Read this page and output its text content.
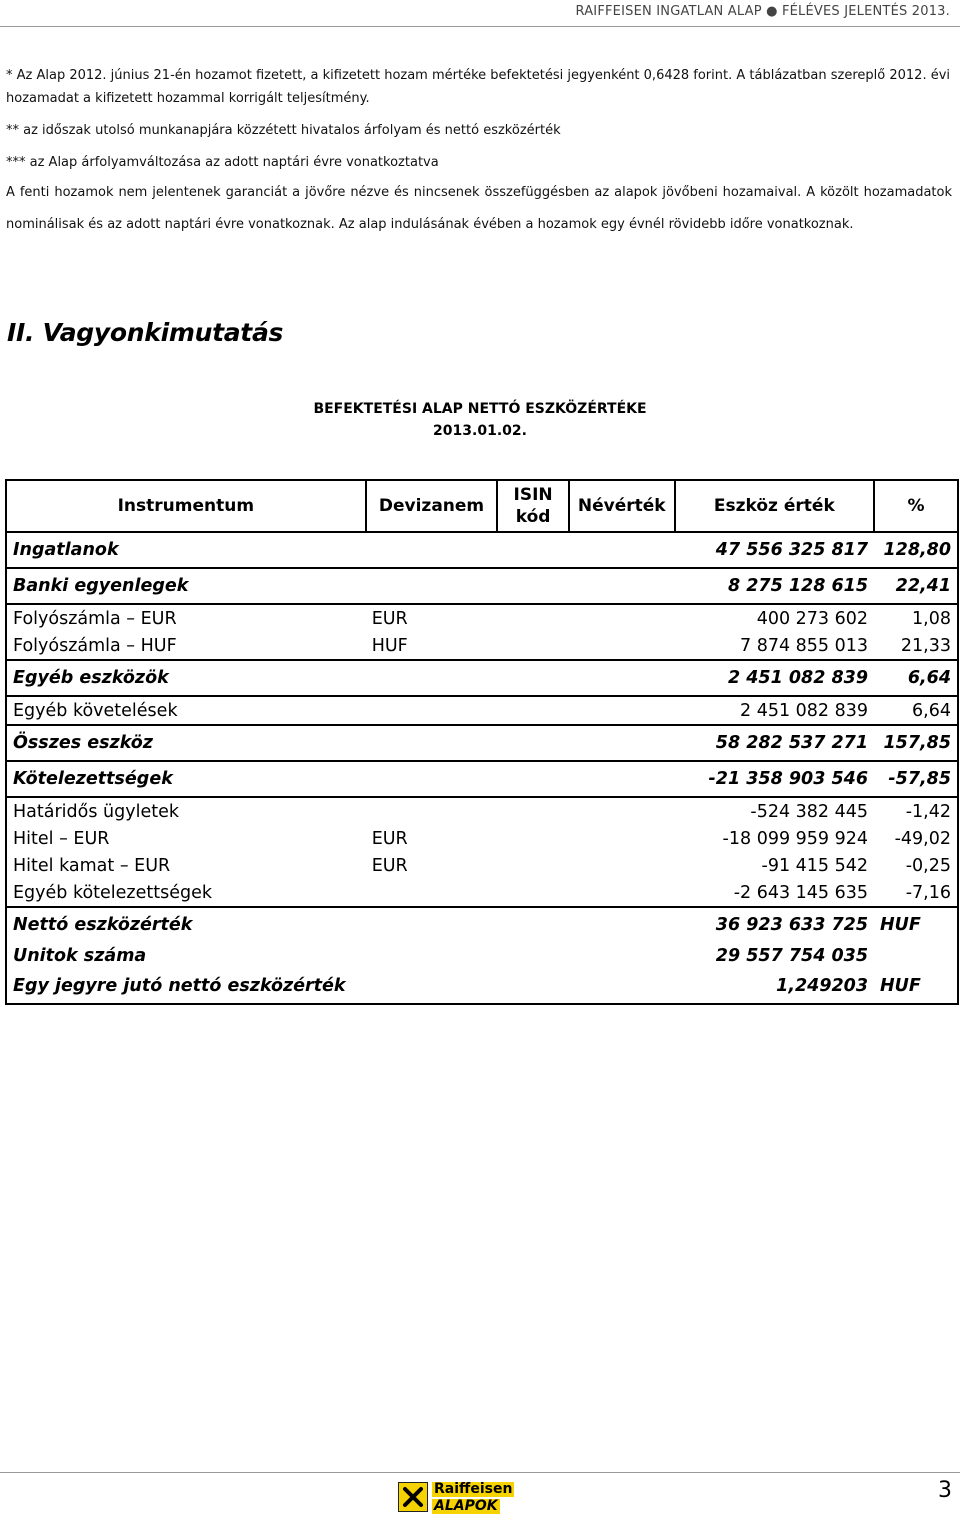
RAIFFEISEN INGATLAN ALAP ● FÉLÉVES JELENTÉS 2013.

* Az Alap 2012. június 21-én hozamot fizetett, a kifizetett hozam mértéke befektetési jegyenként 0,6428 forint. A táblázatban szereplő 2012. évi hozamadat a kifizetett hozammal korrigált teljesítmény.

** az időszak utolsó munkanapjára közzétett hivatalos árfolyam és nettó eszközérték

*** az Alap árfolyamváltozása az adott naptári évre vonatkoztatva

A fenti hozamok nem jelentenek garanciát a jövőre nézve és nincsenek összefüggésben az alapok jövőbeni hozamaival. A közölt hozamadatok nominálisak és az adott naptári évre vonatkoznak. Az alap indulásának évében a hozamok egy évnél rövidebb időre vonatkoznak.

II. Vagyonkimutatás
BEFEKTETÉSI ALAP NETTÓ ESZKÖZÉRTÉKE
2013.01.02.
Instrumentum	Devizanem	ISIN kód	Névérték	Eszköz érték	%
Ingatlanok				47 556 325 817	128,80
Banki egyenlegek				8 275 128 615	22,41
Folyószámla – EUR	EUR			400 273 602	1,08
Folyószámla – HUF	HUF			7 874 855 013	21,33
Egyéb eszközök				2 451 082 839	6,64
Egyéb követelések				2 451 082 839	6,64
Összes eszköz				58 282 537 271	157,85
Kötelezettségek				-21 358 903 546	-57,85
Határidős ügyletek				-524 382 445	-1,42
Hitel – EUR	EUR			-18 099 959 924	-49,02
Hitel kamat – EUR	EUR			-91 415 542	-0,25
Egyéb kötelezettségek				-2 643 145 635	-7,16
Nettó eszközérték				36 923 633 725	HUF
Unitok száma				29 557 754 035	
Egy jegyre jutó nettó eszközérték				1,249203	HUF
Raiffeisen
ALAPOK
3
